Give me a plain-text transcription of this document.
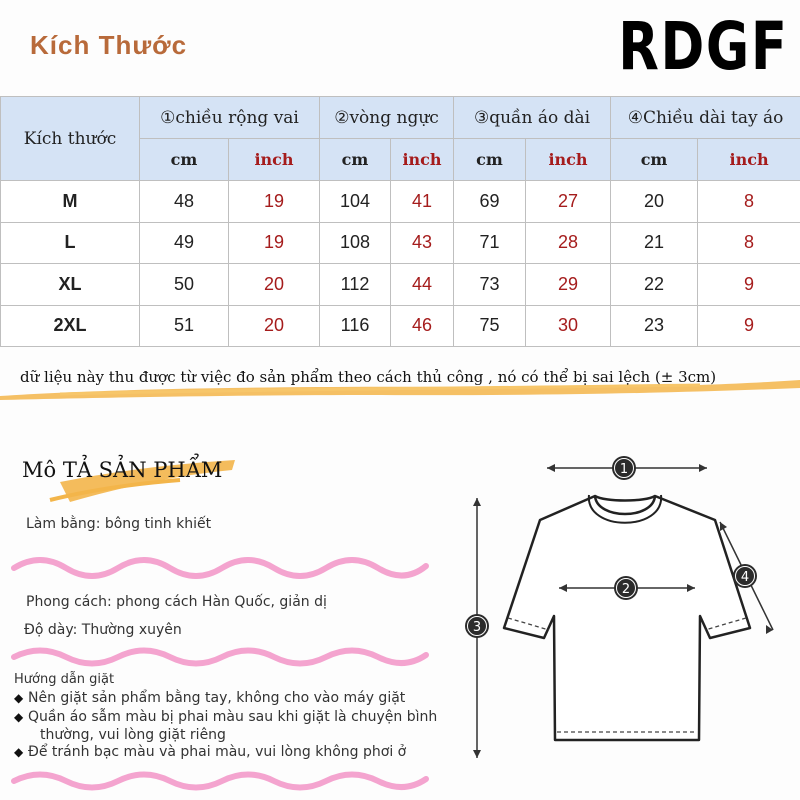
Kích Thước	RDGF
Kích thước	①chiều rộng vai		②vòng ngực		③quần áo dài		④Chiều dài tay áo	
	cm	inch	cm	inch	cm	inch	cm	inch
M	48	19	104	41	69	27	20	8
L	49	19	108	43	71	28	21	8
XL	50	20	112	44	73	29	22	9
2XL	51	20	116	46	75	30	23	9
dữ liệu này thu được từ việc đo sản phẩm theo cách thủ công , nó có thể bị sai lệch (± 3cm)
Mô TẢ SẢN PHẨM
Làm bằng: bông tinh khiết
Phong cách: phong cách Hàn Quốc, giản dị
Độ dày: Thường xuyên
Hướng dẫn giặt
◆ Nên giặt sản phẩm bằng tay, không cho vào máy giặt
◆ Quần áo sẫm màu bị phai màu sau khi giặt là chuyện bình
thường, vui lòng giặt riêng
◆ Để tránh bạc màu và phai màu, vui lòng không phơi ở
1
2
3
4
